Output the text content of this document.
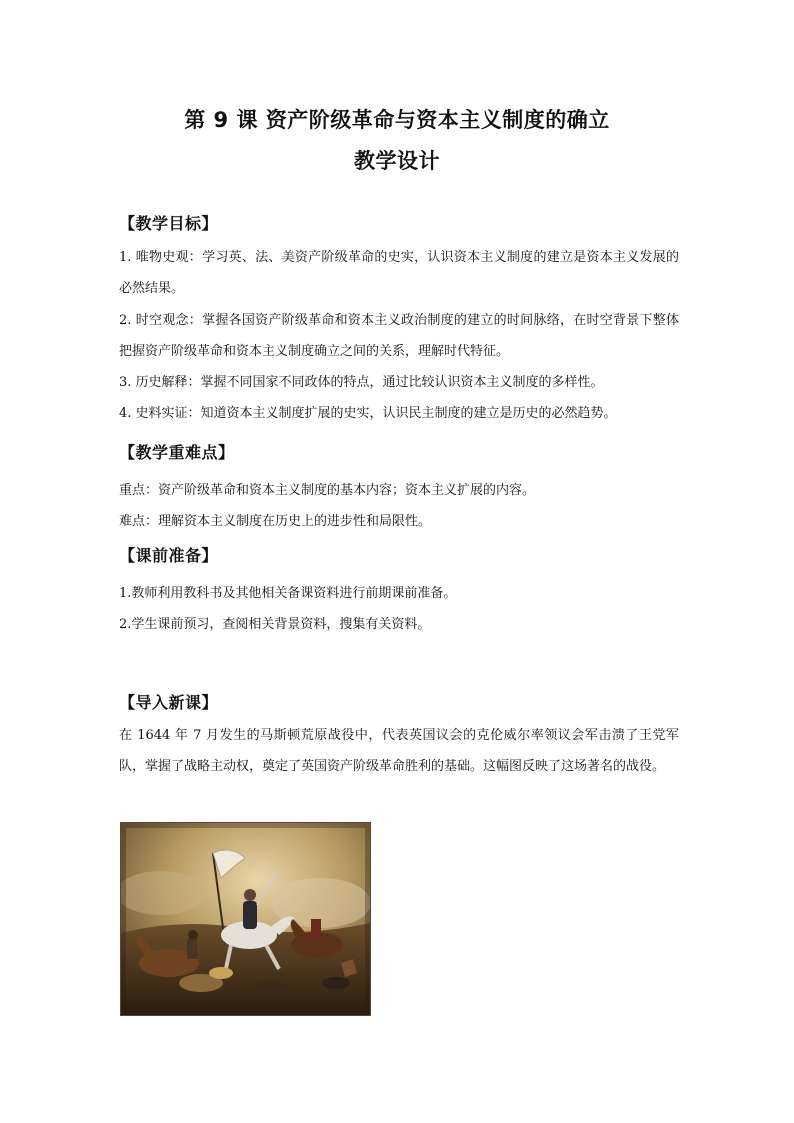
第 9 课 资产阶级革命与资本主义制度的确立
教学设计
【教学目标】
1. 唯物史观：学习英、法、美资产阶级革命的史实，认识资本主义制度的建立是资本主义发展的必然结果。
2. 时空观念：掌握各国资产阶级革命和资本主义政治制度的建立的时间脉络，在时空背景下整体把握资产阶级革命和资本主义制度确立之间的关系，理解时代特征。
3. 历史解释：掌握不同国家不同政体的特点，通过比较认识资本主义制度的多样性。
4. 史料实证：知道资本主义制度扩展的史实，认识民主制度的建立是历史的必然趋势。
【教学重难点】
重点：资产阶级革命和资本主义制度的基本内容；资本主义扩展的内容。
难点：理解资本主义制度在历史上的进步性和局限性。
【课前准备】
1.教师利用教科书及其他相关备课资料进行前期课前准备。
2.学生课前预习，查阅相关背景资料，搜集有关资料。
【导入新课】
在 1644 年 7 月发生的马斯顿荒原战役中，代表英国议会的克伦威尔率领议会军击溃了王党军队，掌握了战略主动权，奠定了英国资产阶级革命胜利的基础。这幅图反映了这场著名的战役。
